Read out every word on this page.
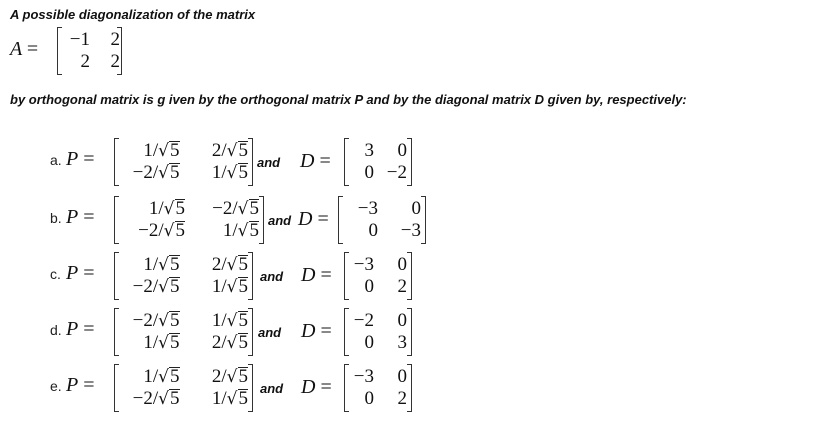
A possible diagonalization of the matrix
A =	−1	2
2	2
by orthogonal matrix is g iven by the orthogonal matrix P and by the diagonal matrix D given by, respectively:
a. P =	1/√5	2/√5
−2/√5	1/√5 and D =	3	0
0 −2
b. P =	1/√5	−2/√5
−2/√5	1/√5 and D =	−3	0
0	−3
c. P =	1/√5	2/√5
−2/√5	1/√5 and D = −3	0
0	2
d. P =	−2/√5	1/√5
1/√5	2/√5 and D = −2	0
0	3
e. P =	1/√5	2/√5
−2/√5	1/√5 and D = −3	0
0	2
